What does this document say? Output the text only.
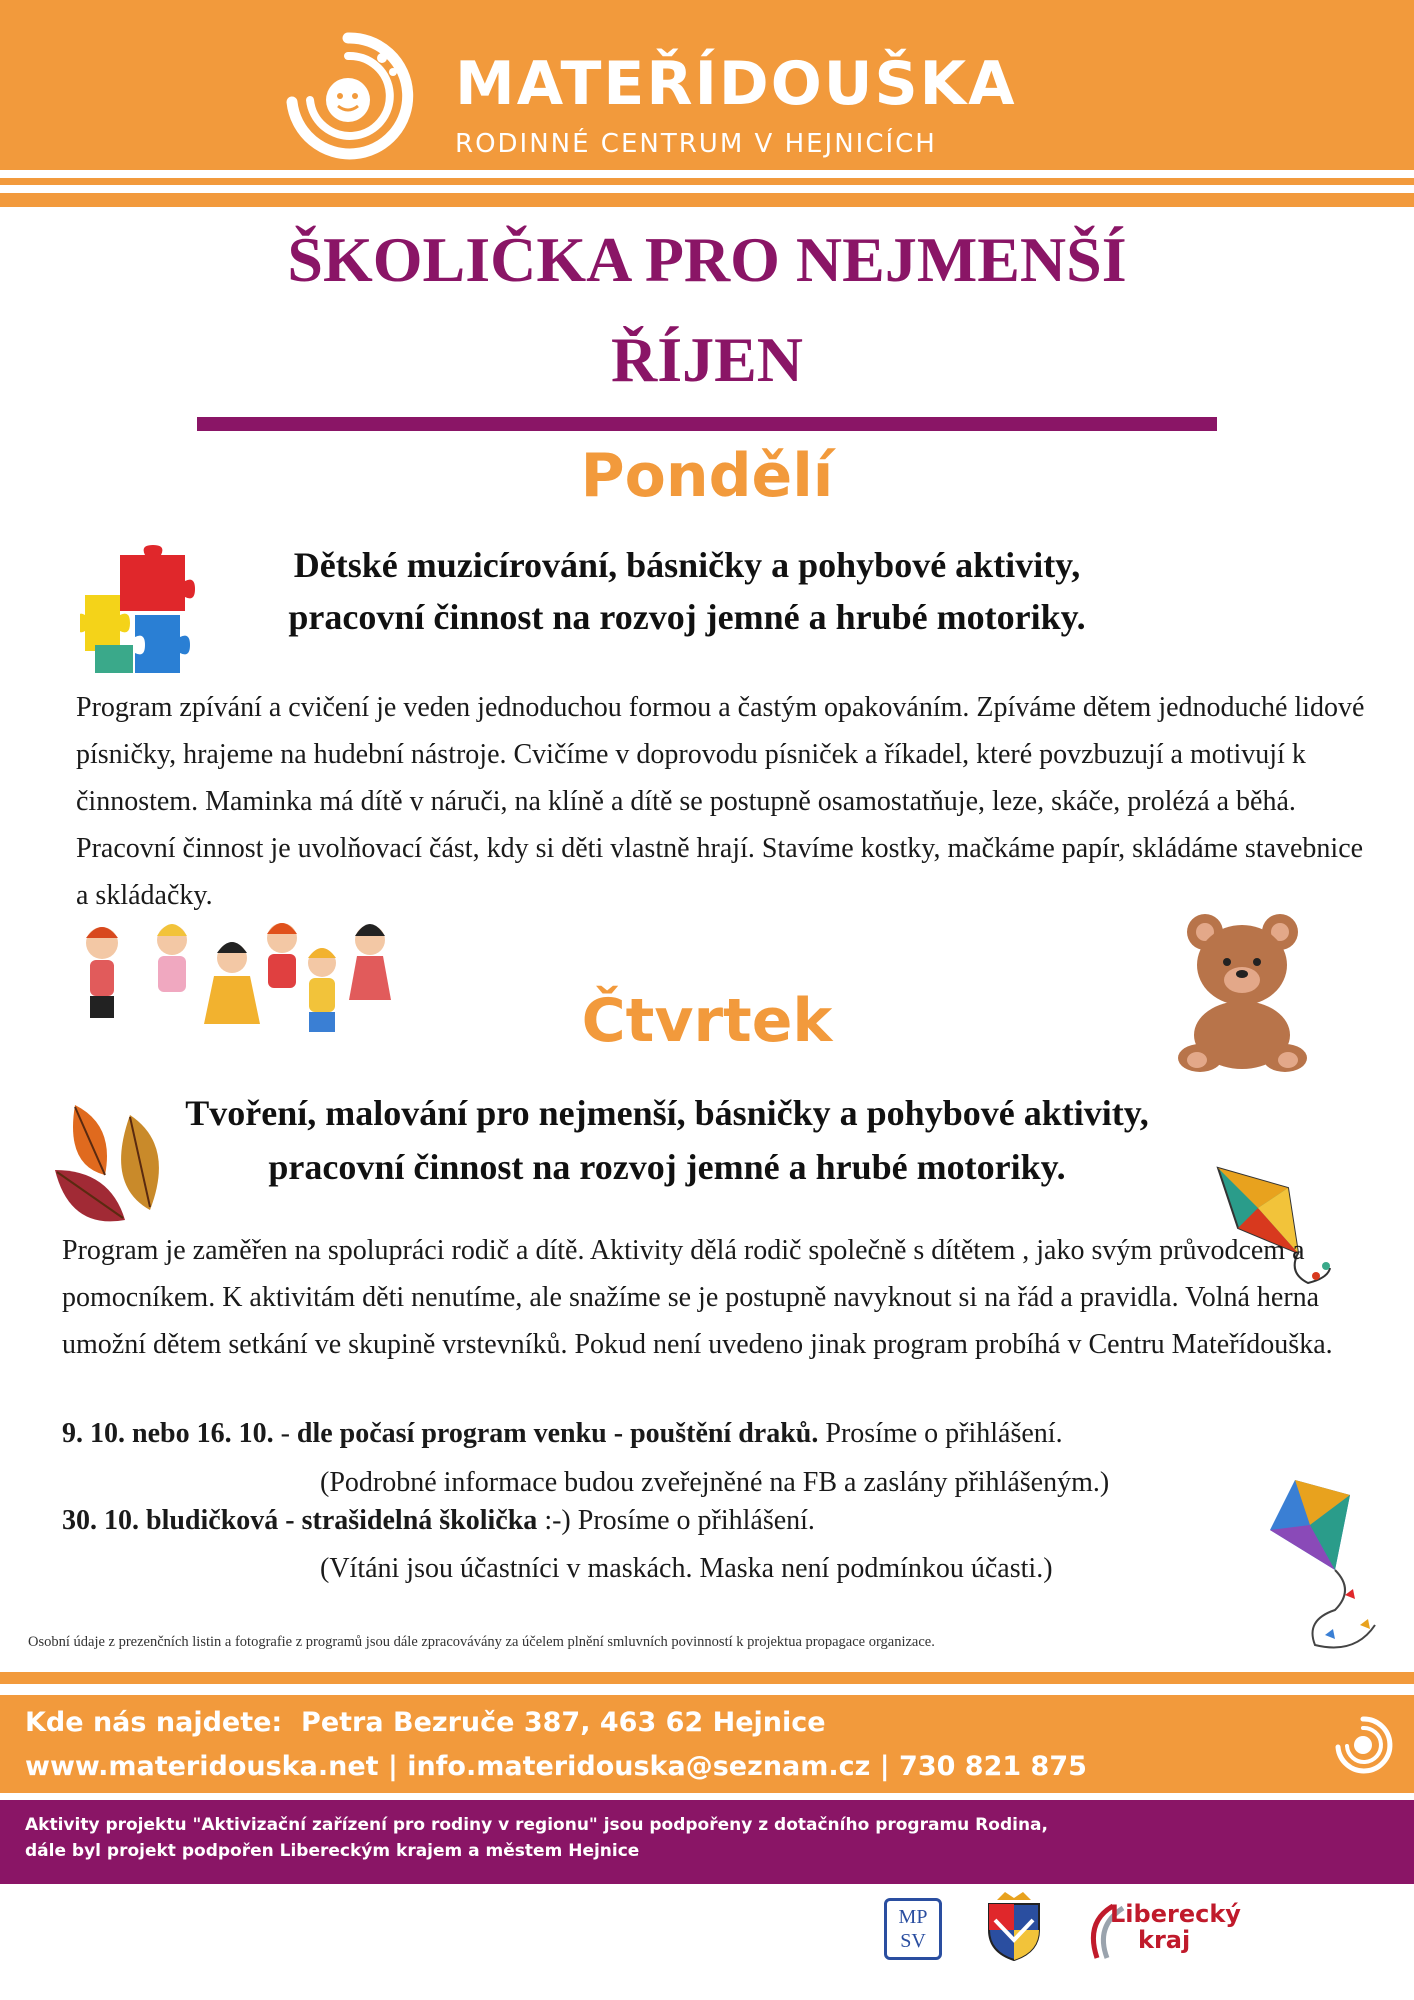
MATEŘÍDOUŠKA
RODINNÉ CENTRUM V HEJNICÍCH
ŠKOLIČKA PRO NEJMENŠÍ
ŘÍJEN
Pondělí
Dětské muzicírování, básničky a pohybové aktivity,
pracovní činnost na rozvoj jemné a hrubé motoriky.
Program zpívání a cvičení je veden jednoduchou formou a častým opakováním. Zpíváme dětem jednoduché lidové písničky, hrajeme na hudební nástroje. Cvičíme v doprovodu písniček a říkadel, které povzbuzují a motivují k činnostem. Maminka má dítě v náruči, na klíně a dítě se postupně osamostatňuje, leze, skáče, prolézá a běhá. Pracovní činnost je uvolňovací část, kdy si děti vlastně hrají. Stavíme kostky, mačkáme papír, skládáme stavebnice a skládačky.
Čtvrtek
Tvoření, malování pro nejmenší, básničky a pohybové aktivity,
pracovní činnost na rozvoj jemné a hrubé motoriky.
Program je zaměřen na spolupráci rodič a dítě. Aktivity dělá rodič společně s dítětem , jako svým průvodcem a pomocníkem. K aktivitám děti nenutíme, ale snažíme se je postupně navyknout si na řád a pravidla. Volná herna umožní dětem setkání ve skupině vrstevníků. Pokud není uvedeno jinak program probíhá v Centru Mateřídouška.
9. 10. nebo 16. 10. - dle počasí program venku - pouštění draků. Prosíme o přihlášení.
(Podrobné informace budou zveřejněné na FB a zaslány přihlášeným.)
30. 10. bludičková - strašidelná školička :-) Prosíme o přihlášení.
(Vítáni jsou účastníci v maskách. Maska není podmínkou účasti.)
Osobní údaje z prezenčních listin a fotografie z programů jsou dále zpracovávány za účelem plnění smluvních povinností k projektua propagace organizace.
Kde nás najdete: Petra Bezruče 387, 463 62 Hejnice
www.materidouska.net | info.materidouska@seznam.cz | 730 821 875
Aktivity projektu "Aktivizační zařízení pro rodiny v regionu" jsou podpořeny z dotačního programu Rodina,
dále byl projekt podpořen Libereckým krajem a městem Hejnice
MP
SV
Liberecký
kraj
